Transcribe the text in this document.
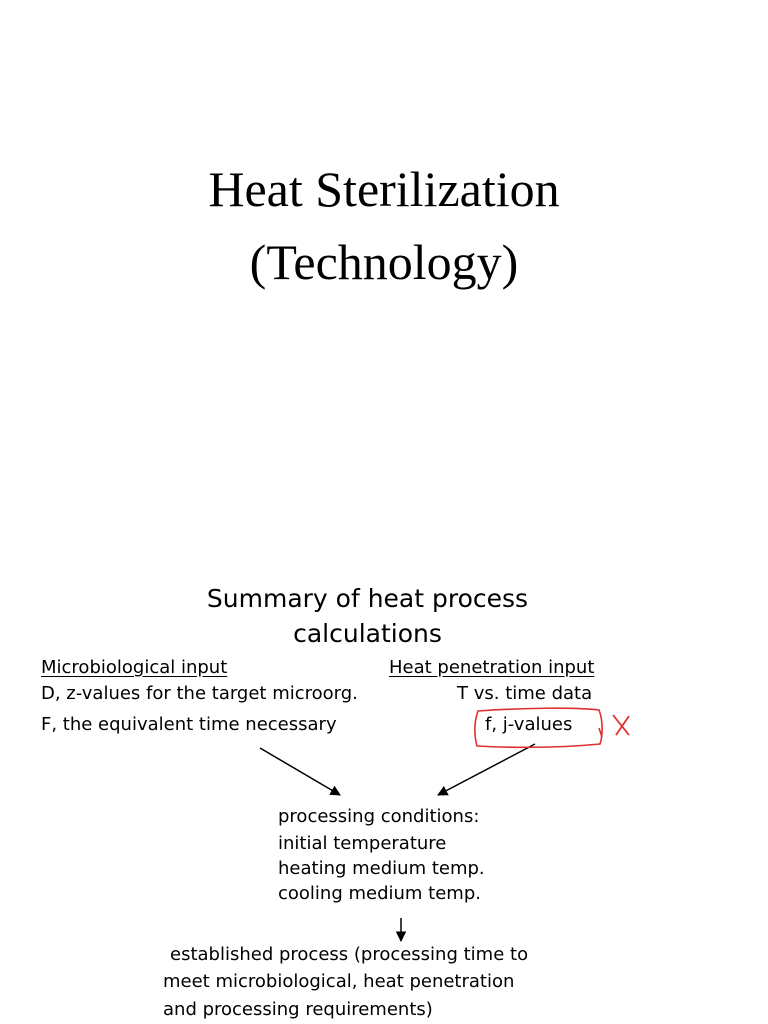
Heat Sterilization
(Technology)
Summary of heat process
calculations
Microbiological input	Heat penetration input
D, z-values for the target microorg.	T vs. time data
F, the equivalent time necessary	f, j-values
processing conditions:
initial temperature
heating medium temp.
cooling medium temp.
established process (processing time to
meet microbiological, heat penetration
and processing requirements)
